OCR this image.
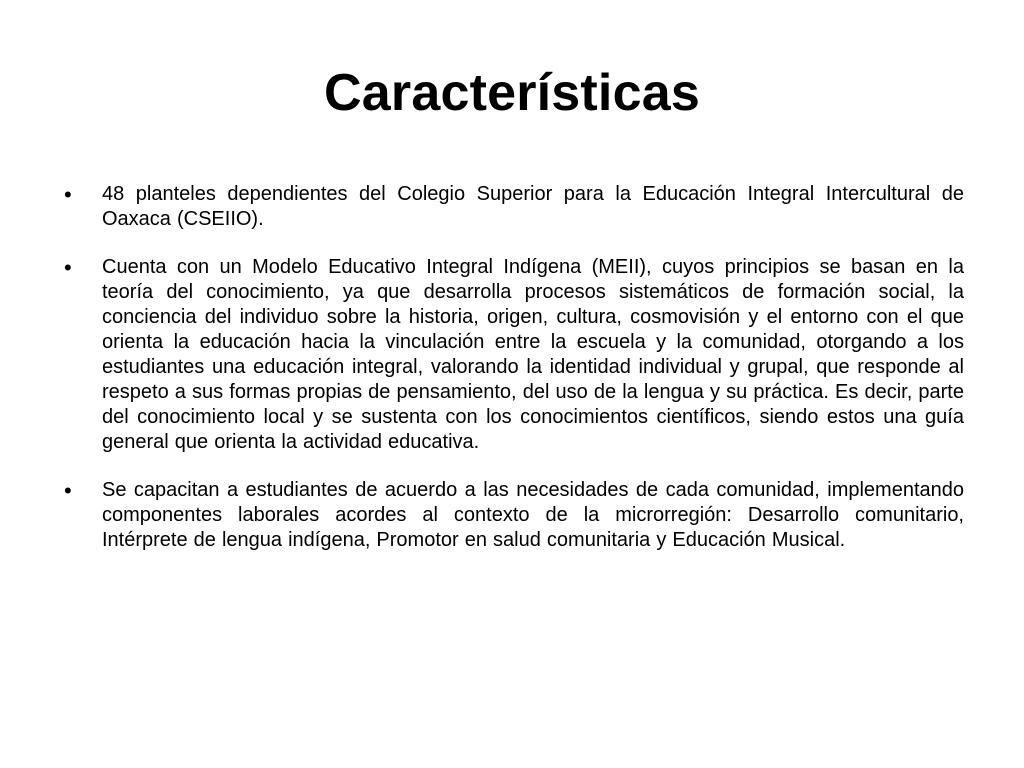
Características
•	48 planteles dependientes del Colegio Superior para la Educación Integral Intercultural de Oaxaca (CSEIIO).
•	Cuenta con un Modelo Educativo Integral Indígena (MEII), cuyos principios se basan en la teoría del conocimiento, ya que desarrolla procesos sistemáticos de formación social, la conciencia del individuo sobre la historia, origen, cultura, cosmovisión y el entorno con el que orienta la educación hacia la vinculación entre la escuela y la comunidad, otorgando a los estudiantes una educación integral, valorando la identidad individual y grupal, que responde al respeto a sus formas propias de pensamiento, del uso de la lengua y su práctica. Es decir, parte del conocimiento local y se sustenta con los conocimientos científicos, siendo estos una guía general que orienta la actividad educativa.
•	Se capacitan a estudiantes de acuerdo a las necesidades de cada comunidad, implementando componentes laborales acordes al contexto de la microrregión: Desarrollo comunitario, Intérprete de lengua indígena, Promotor en salud comunitaria y Educación Musical.
